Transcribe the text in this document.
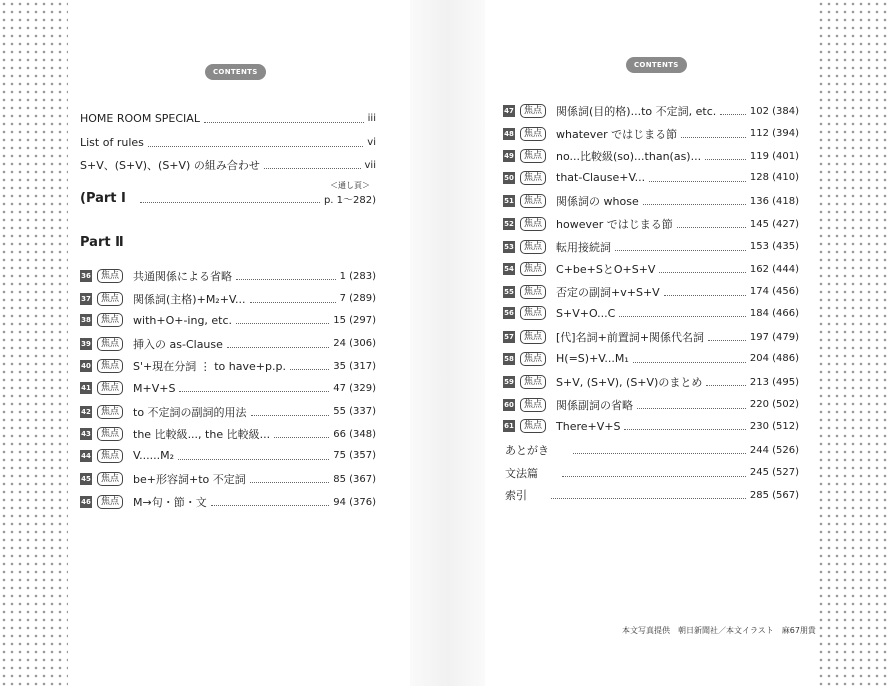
CONTENTS
CONTENTS
HOME ROOM SPECIAL	iii
List of rules	vi
S+V、(S+V)、(S+V) の組み合わせ	vii
＜通し頁＞
(Part Ⅰ	p. 1〜282)
Part Ⅱ
36	焦点	共通関係による省略	1 (283)
37	焦点	関係詞(主格)+M₂+V...	7 (289)
38	焦点	with+O+-ing, etc.	15 (297)
39	焦点	挿入の as-Clause	24 (306)
40	焦点	S'+現在分詞 ⋮ to have+p.p.	35 (317)
41	焦点	M+V+S	47 (329)
42	焦点	to 不定詞の副詞的用法	55 (337)
43	焦点	the 比較級..., the 比較級...	66 (348)
44	焦点	V......M₂	75 (357)
45	焦点	be+形容詞+to 不定詞	85 (367)
46	焦点	M→句・節・文	94 (376)
47	焦点	関係詞(目的格)...to 不定詞, etc.	102 (384)
48	焦点	whatever ではじまる節	112 (394)
49	焦点	no...比較級(so)...than(as)...	119 (401)
50	焦点	that-Clause+V...	128 (410)
51	焦点	関係詞の whose	136 (418)
52	焦点	however ではじまる節	145 (427)
53	焦点	転用接続詞	153 (435)
54	焦点	C+be+SとO+S+V	162 (444)
55	焦点	否定の副詞+v+S+V	174 (456)
56	焦点	S+V+O...C	184 (466)
57	焦点	[代]名詞+前置詞+関係代名詞	197 (479)
58	焦点	H(=S)+V...M₁	204 (486)
59	焦点	S+V, (S+V), (S+V)のまとめ	213 (495)
60	焦点	関係副詞の省略	220 (502)
61	焦点	There+V+S	230 (512)
あとがき	244 (526)
文法篇	245 (527)
索引	285 (567)
本文写真提供　朝日新聞社／本文イラスト　麻67朋貴
